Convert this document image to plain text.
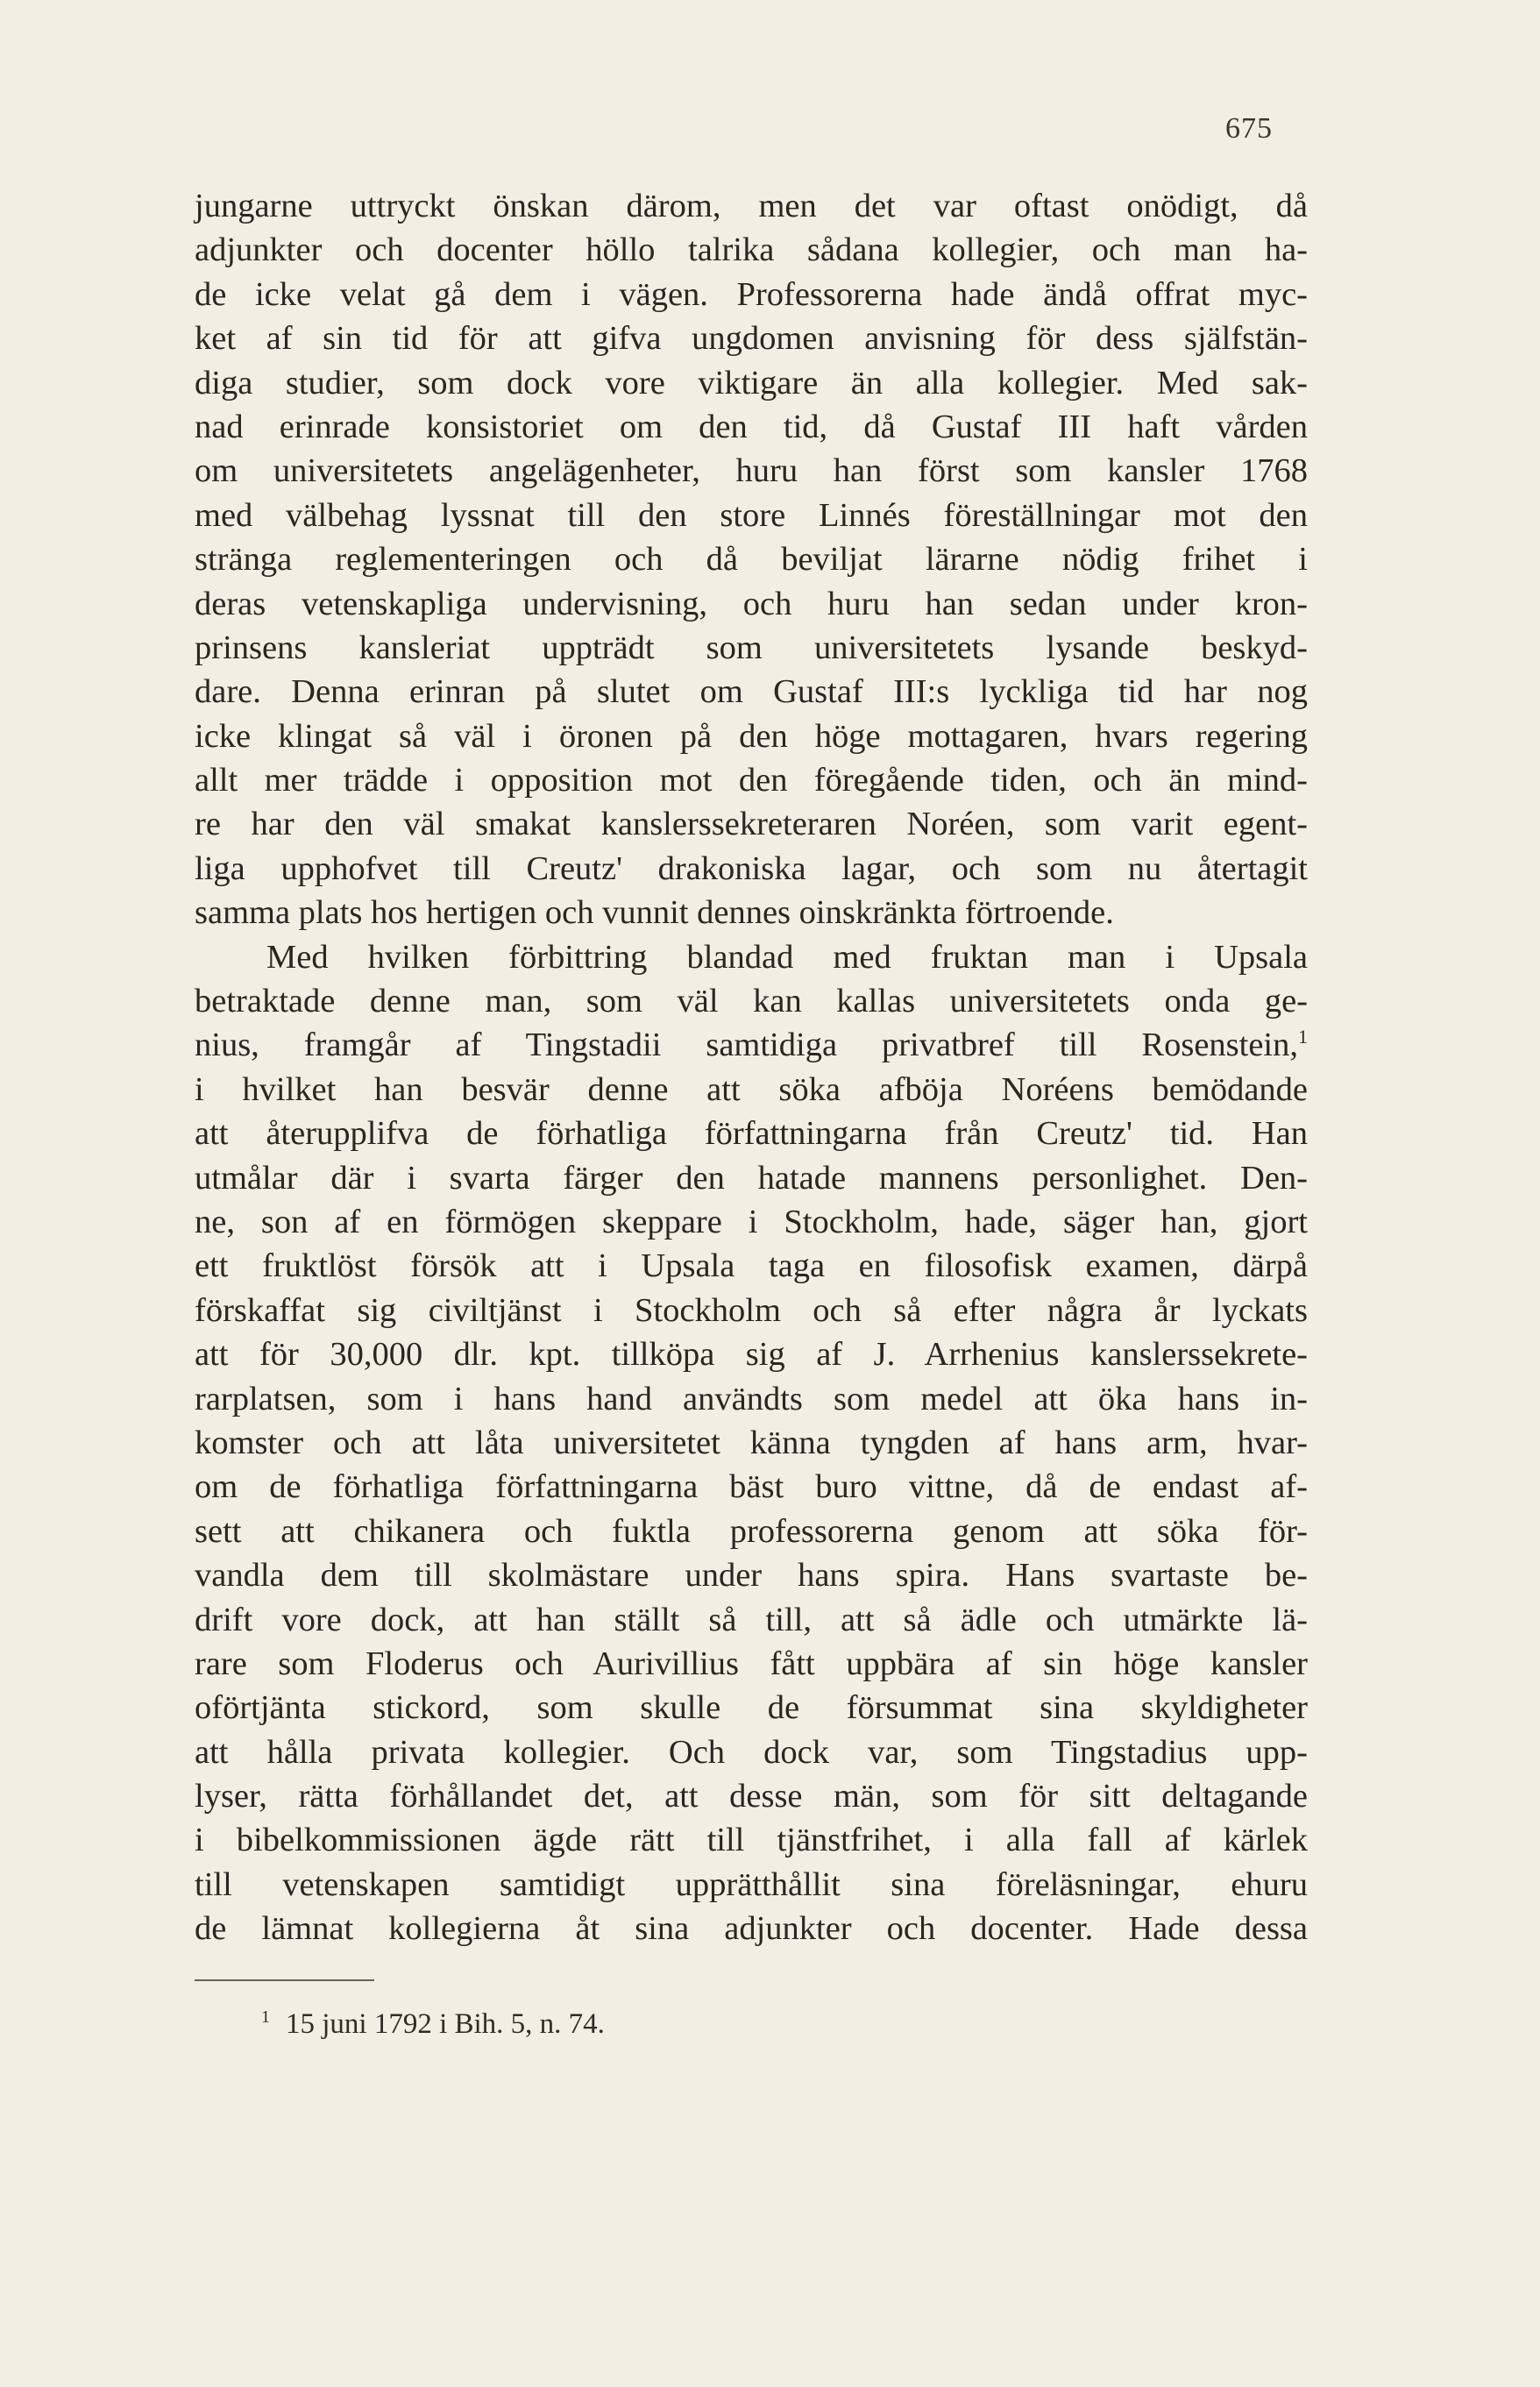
675
jungarne uttryckt önskan därom, men det var oftast onödigt, då
adjunkter och docenter höllo talrika sådana kollegier, och man ha-
de icke velat gå dem i vägen. Professorerna hade ändå offrat myc-
ket af sin tid för att gifva ungdomen anvisning för dess själfstän-
diga studier, som dock vore viktigare än alla kollegier. Med sak-
nad erinrade konsistoriet om den tid, då Gustaf III haft vården
om universitetets angelägenheter, huru han först som kansler 1768
med välbehag lyssnat till den store Linnés föreställningar mot den
stränga reglementeringen och då beviljat lärarne nödig frihet i
deras vetenskapliga undervisning, och huru han sedan under kron-
prinsens kansleriat uppträdt som universitetets lysande beskyd-
dare. Denna erinran på slutet om Gustaf III:s lyckliga tid har nog
icke klingat så väl i öronen på den höge mottagaren, hvars regering
allt mer trädde i opposition mot den föregående tiden, och än mind-
re har den väl smakat kanslerssekreteraren Noréen, som varit egent-
liga upphofvet till Creutz' drakoniska lagar, och som nu återtagit
samma plats hos hertigen och vunnit dennes oinskränkta förtroende.
Med hvilken förbittring blandad med fruktan man i Upsala
betraktade denne man, som väl kan kallas universitetets onda ge-
nius, framgår af Tingstadii samtidiga privatbref till Rosenstein,$^1$
i hvilket han besvär denne att söka afböja Noréens bemödande
att återupplifva de förhatliga författningarna från Creutz' tid. Han
utmålar där i svarta färger den hatade mannens personlighet. Den-
ne, son af en förmögen skeppare i Stockholm, hade, säger han, gjort
ett fruktlöst försök att i Upsala taga en filosofisk examen, därpå
förskaffat sig civiltjänst i Stockholm och så efter några år lyckats
att för 30,000 dlr. kpt. tillköpa sig af J. Arrhenius kanslerssekrete-
rarplatsen, som i hans hand användts som medel att öka hans in-
komster och att låta universitetet känna tyngden af hans arm, hvar-
om de förhatliga författningarna bäst buro vittne, då de endast af-
sett att chikanera och fuktla professorerna genom att söka för-
vandla dem till skolmästare under hans spira. Hans svartaste be-
drift vore dock, att han ställt så till, att så ädle och utmärkte lä-
rare som Floderus och Aurivillius fått uppbära af sin höge kansler
oförtjänta stickord, som skulle de försummat sina skyldigheter
att hålla privata kollegier. Och dock var, som Tingstadius upp-
lyser, rätta förhållandet det, att desse män, som för sitt deltagande
i bibelkommissionen ägde rätt till tjänstfrihet, i alla fall af kärlek
till vetenskapen samtidigt upprätthållit sina föreläsningar, ehuru
de lämnat kollegierna åt sina adjunkter och docenter. Hade dessa
$^1$ 15 juni 1792 i Bih. 5, n. 74.
